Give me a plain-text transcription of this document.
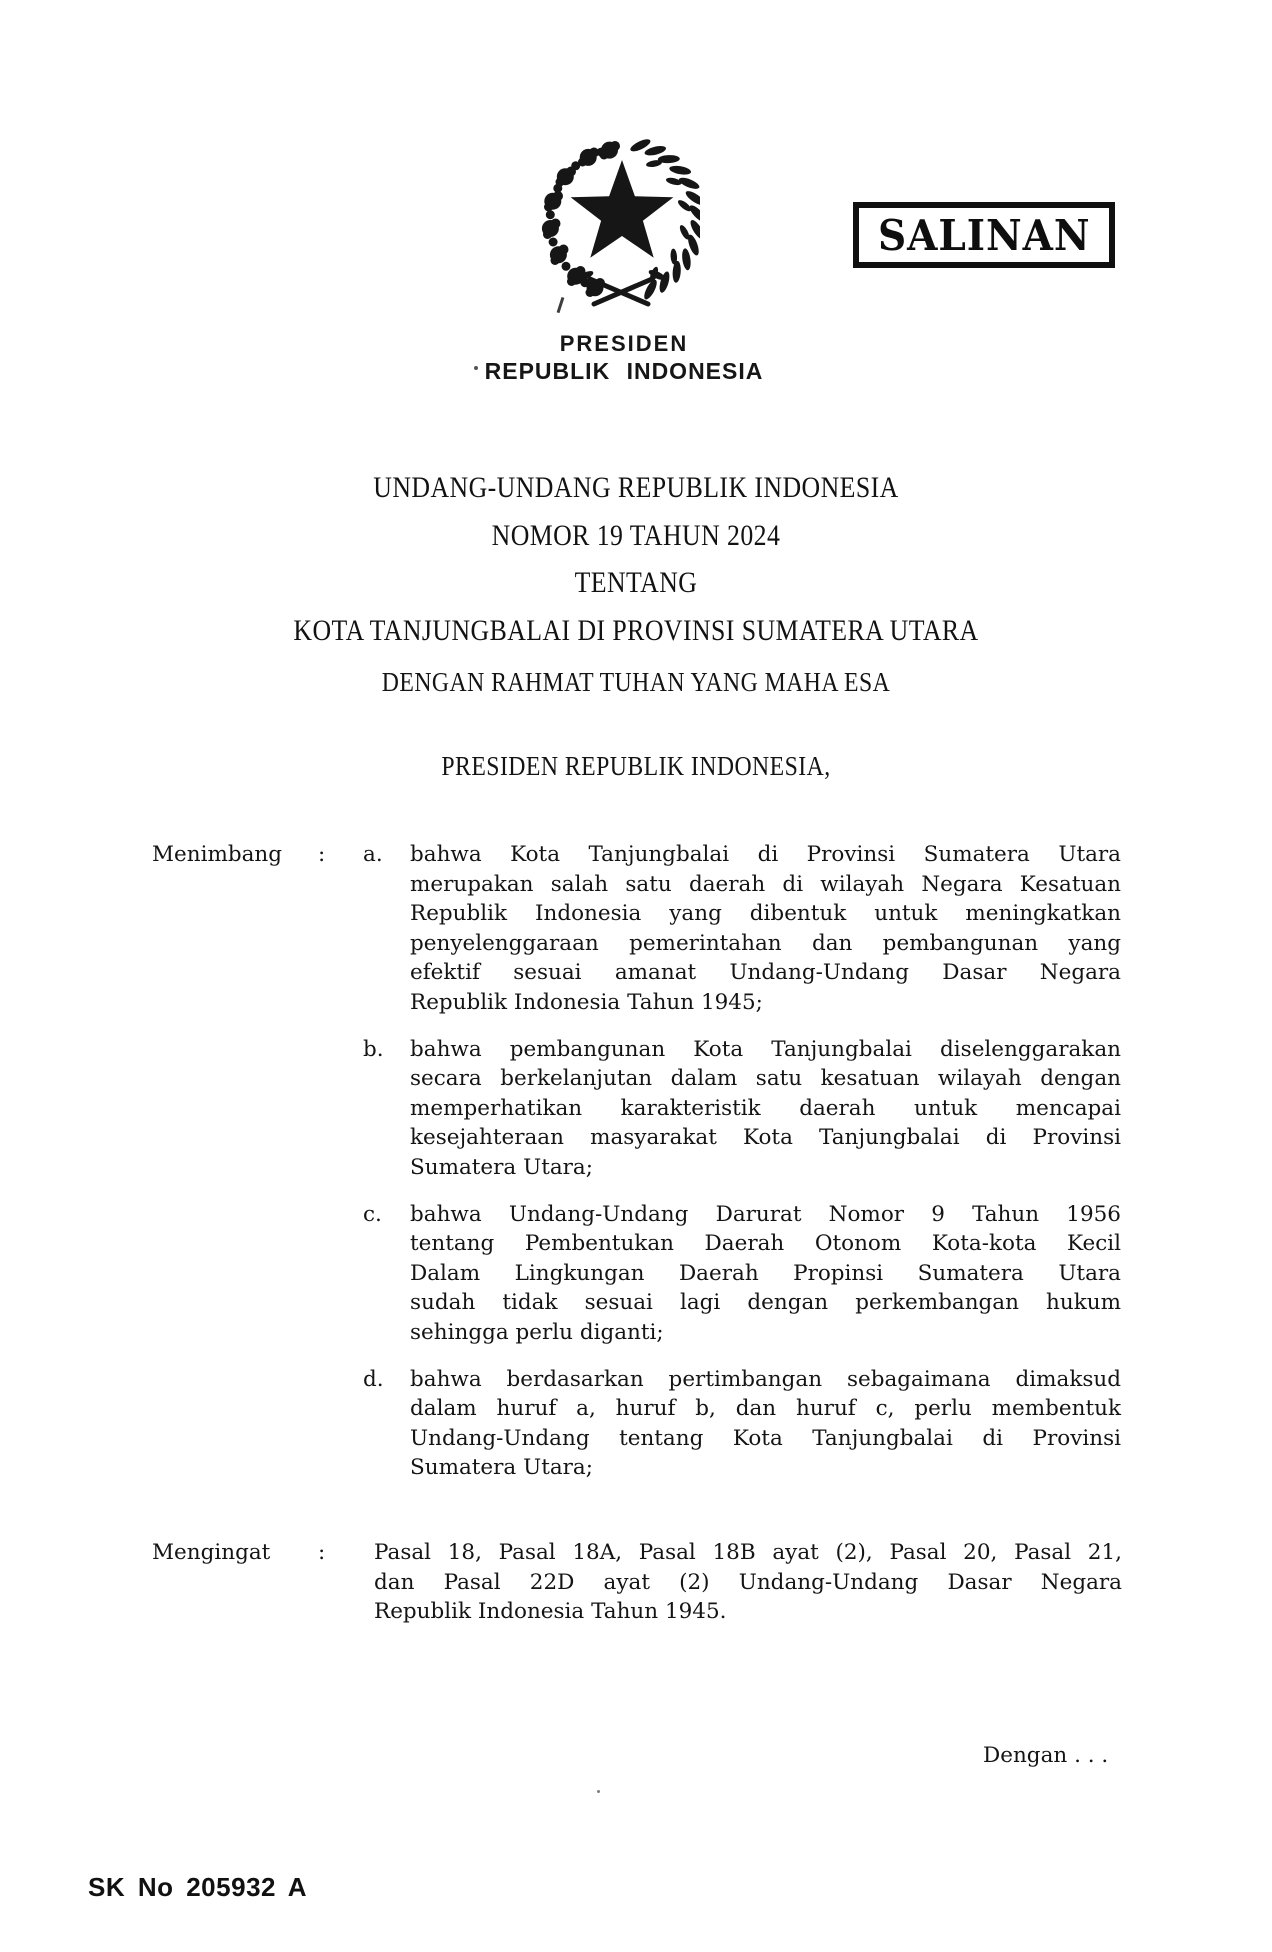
PRESIDEN
REPUBLIK INDONESIA
SALINAN
UNDANG-UNDANG REPUBLIK INDONESIA
NOMOR 19 TAHUN 2024
TENTANG
KOTA TANJUNGBALAI DI PROVINSI SUMATERA UTARA
DENGAN RAHMAT TUHAN YANG MAHA ESA
PRESIDEN REPUBLIK INDONESIA,
Menimbang : a.	bahwa Kota Tanjungbalai di Provinsi Sumatera Utara
merupakan salah satu daerah di wilayah Negara Kesatuan
Republik Indonesia yang dibentuk untuk meningkatkan
penyelenggaraan pemerintahan dan pembangunan yang
efektif sesuai amanat Undang-Undang Dasar Negara
Republik Indonesia Tahun 1945;
b.	bahwa pembangunan Kota Tanjungbalai diselenggarakan
secara berkelanjutan dalam satu kesatuan wilayah dengan
memperhatikan karakteristik daerah untuk mencapai
kesejahteraan masyarakat Kota Tanjungbalai di Provinsi
Sumatera Utara;
c.	bahwa Undang-Undang Darurat Nomor 9 Tahun 1956
tentang Pembentukan Daerah Otonom Kota-kota Kecil
Dalam Lingkungan Daerah Propinsi Sumatera Utara
sudah tidak sesuai lagi dengan perkembangan hukum
sehingga perlu diganti;
d.	bahwa berdasarkan pertimbangan sebagaimana dimaksud
dalam huruf a, huruf b, dan huruf c, perlu membentuk
Undang-Undang tentang Kota Tanjungbalai di Provinsi
Sumatera Utara;
Mengingat : Pasal 18, Pasal 18A, Pasal 18B ayat (2), Pasal 20, Pasal 21,
dan Pasal 22D ayat (2) Undang-Undang Dasar Negara
Republik Indonesia Tahun 1945.
Dengan . . .
SK No 205932 A
